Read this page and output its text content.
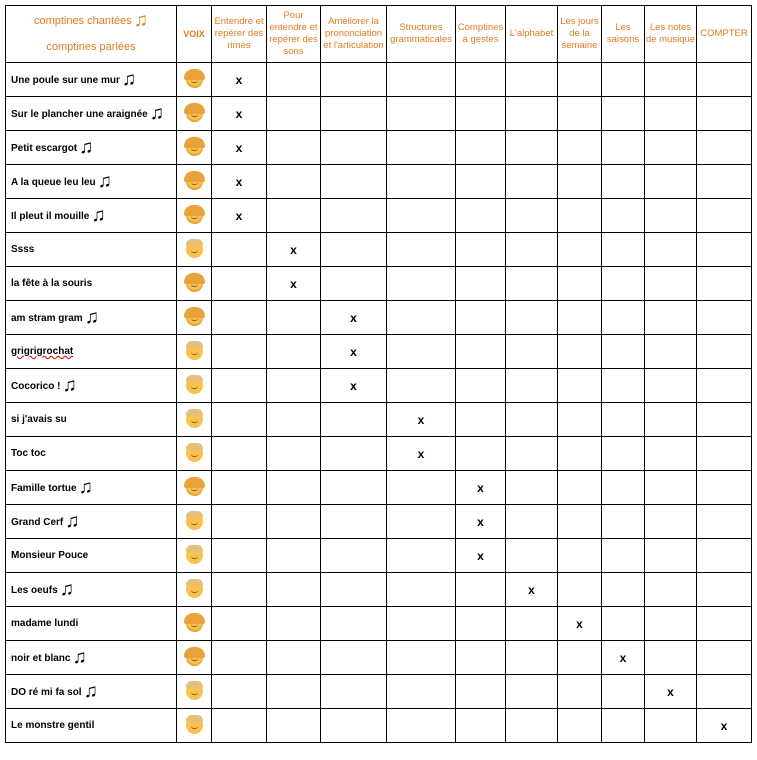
comptines chantées ♫
comptines parlées	VOIX	Entendre et repérer des rimes	Pour entendre et repérer des sons	Améliorer la prononciation et l'articulation	Structures grammaticales	Comptines à gestes	L'alphabet	Les jours de la semaine	Les saisons	Les notes de musique	COMPTER
Une poule sur une mur ♫		x									
Sur le plancher une araignée ♫		x									
Petit escargot ♫		x									
A la queue leu leu ♫		x									
Il pleut il mouille ♫		x									
Ssss			x								
la fête à la souris			x								
am stram gram ♫				x							
grigrigrochat				x							
Cocorico ! ♫				x							
si j'avais su					x						
Toc toc					x						
Famille tortue ♫						x					
Grand Cerf ♫						x					
Monsieur Pouce						x					
Les oeufs ♫							x				
madame lundi								x			
noir et blanc ♫									x		
DO ré mi fa sol ♫										x	
Le monstre gentil											x
